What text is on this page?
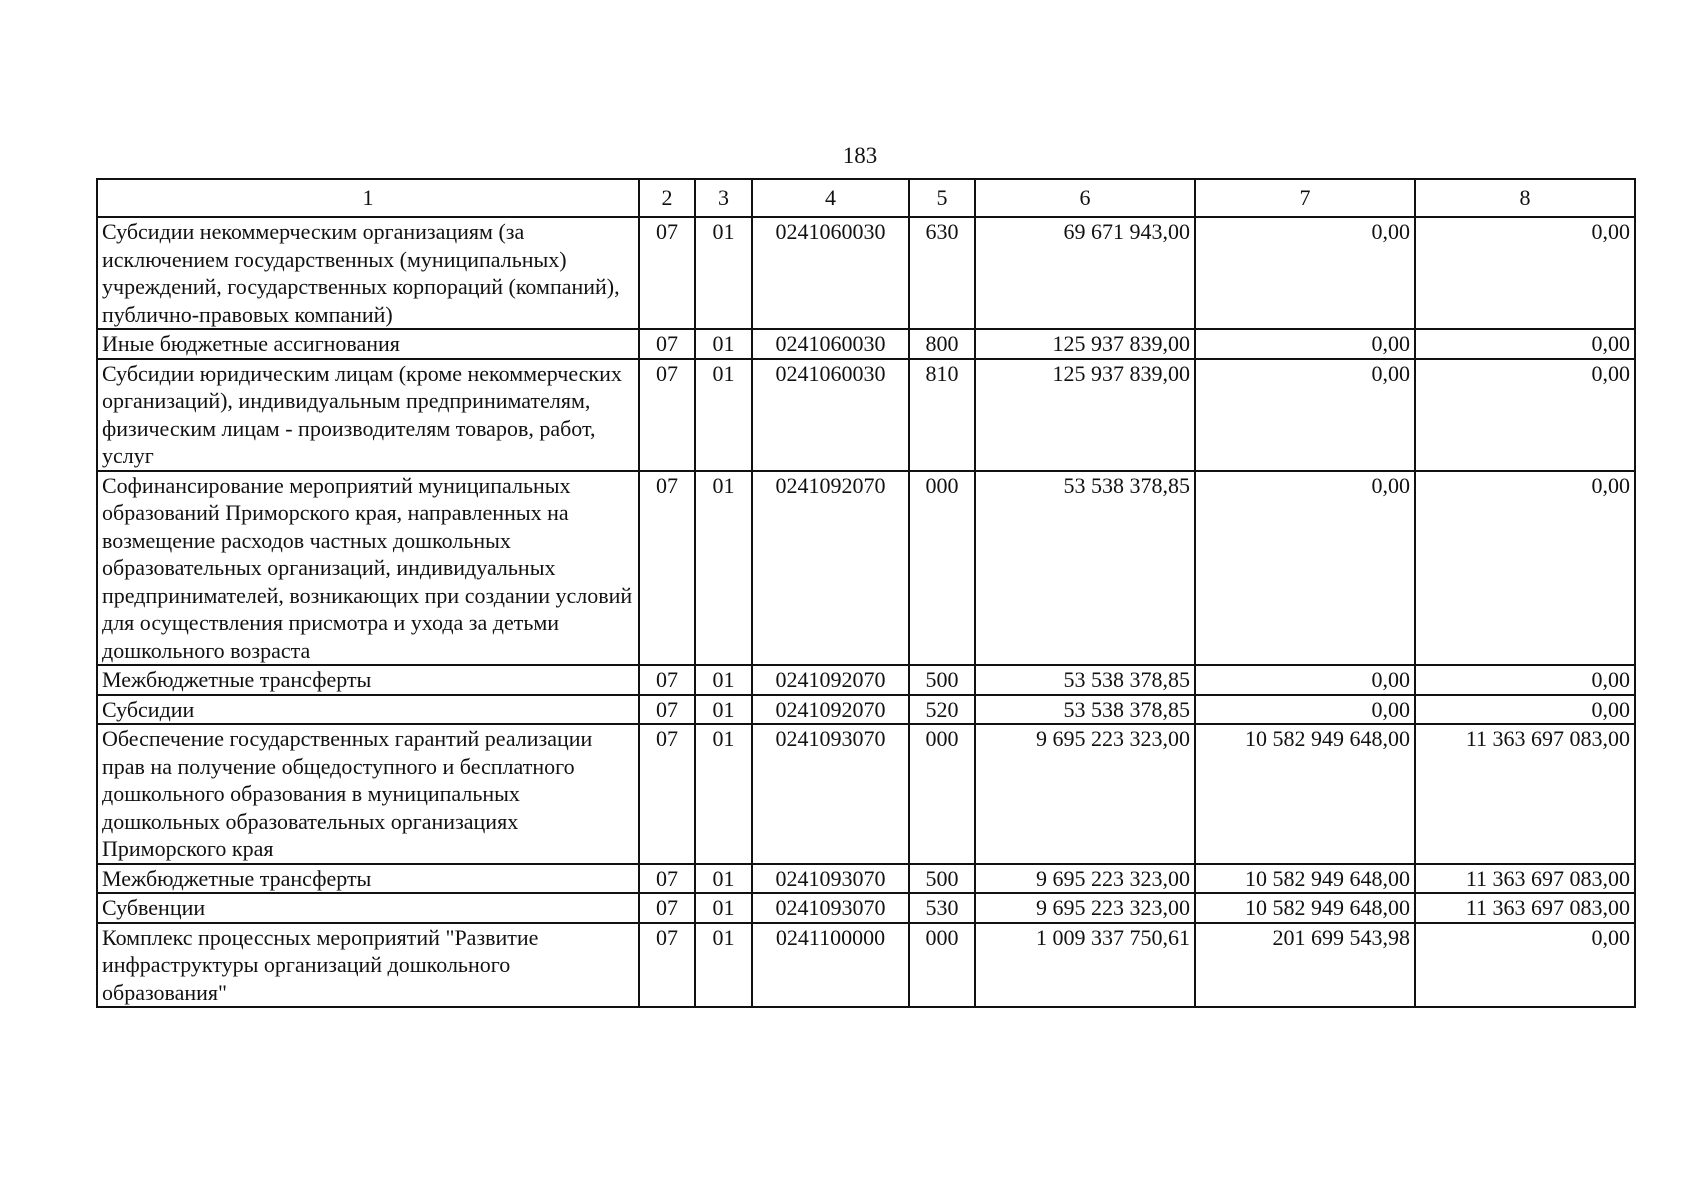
183
1	2	3	4	5	6	7	8
Субсидии некоммерческим организациям (за исключением государственных (муниципальных) учреждений, государственных корпораций (компаний), публично-правовых компаний)	07	01	0241060030	630	69 671 943,00	0,00	0,00
Иные бюджетные ассигнования	07	01	0241060030	800	125 937 839,00	0,00	0,00
Субсидии юридическим лицам (кроме некоммерческих организаций), индивидуальным предпринимателям, физическим лицам - производителям товаров, работ, услуг	07	01	0241060030	810	125 937 839,00	0,00	0,00
Софинансирование мероприятий муниципальных образований Приморского края, направленных на возмещение расходов частных дошкольных образовательных организаций, индивидуальных предпринимателей, возникающих при создании условий для осуществления присмотра и ухода за детьми дошкольного возраста	07	01	0241092070	000	53 538 378,85	0,00	0,00
Межбюджетные трансферты	07	01	0241092070	500	53 538 378,85	0,00	0,00
Субсидии	07	01	0241092070	520	53 538 378,85	0,00	0,00
Обеспечение государственных гарантий реализации прав на получение общедоступного и бесплатного дошкольного образования в муниципальных дошкольных образовательных организациях Приморского края	07	01	0241093070	000	9 695 223 323,00	10 582 949 648,00	11 363 697 083,00
Межбюджетные трансферты	07	01	0241093070	500	9 695 223 323,00	10 582 949 648,00	11 363 697 083,00
Субвенции	07	01	0241093070	530	9 695 223 323,00	10 582 949 648,00	11 363 697 083,00
Комплекс процессных мероприятий "Развитие инфраструктуры организаций дошкольного образования"	07	01	0241100000	000	1 009 337 750,61	201 699 543,98	0,00
